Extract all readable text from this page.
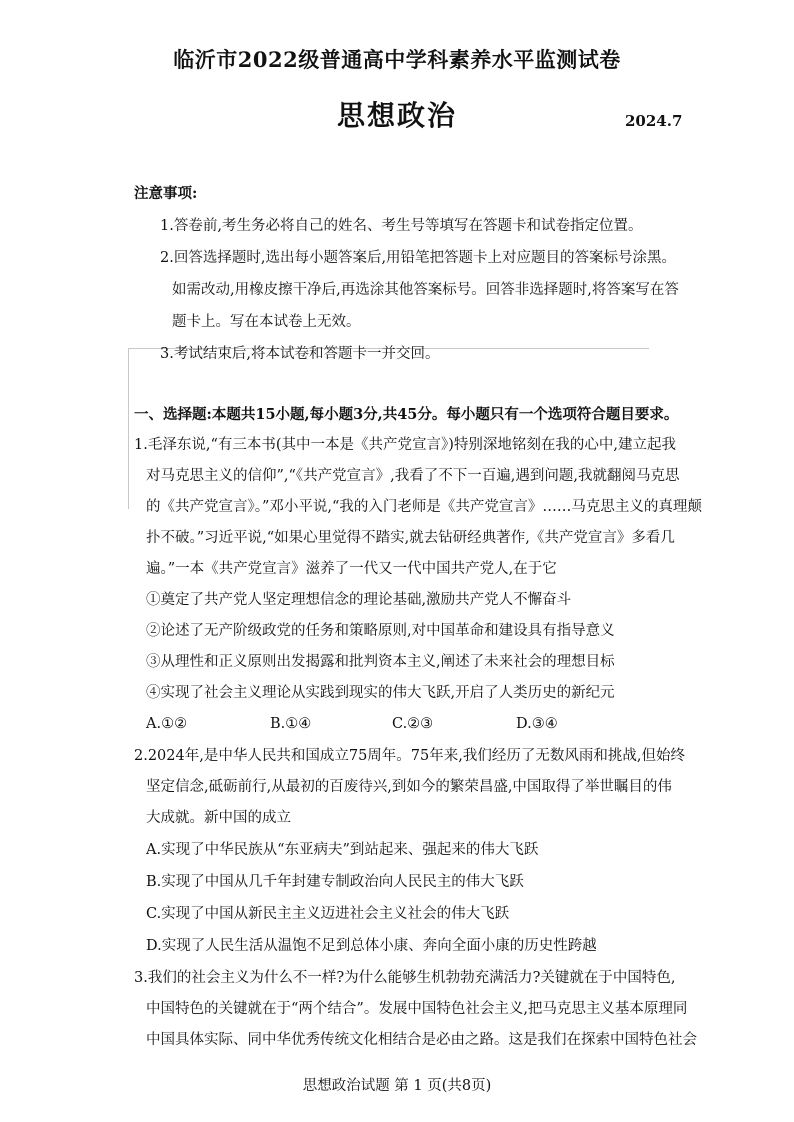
临沂市2022级普通高中学科素养水平监测试卷
思想政治	2024.7
注意事项:
1.答卷前,考生务必将自己的姓名、考生号等填写在答题卡和试卷指定位置。
2.回答选择题时,选出每小题答案后,用铅笔把答题卡上对应题目的答案标号涂黑。
如需改动,用橡皮擦干净后,再选涂其他答案标号。回答非选择题时,将答案写在答
题卡上。写在本试卷上无效。
3.考试结束后,将本试卷和答题卡一并交回。
一、选择题:本题共15小题,每小题3分,共45分。每小题只有一个选项符合题目要求。
1.毛泽东说,“有三本书(其中一本是《共产党宣言》)特别深地铭刻在我的心中,建立起我
对马克思主义的信仰”,“《共产党宣言》,我看了不下一百遍,遇到问题,我就翻阅马克思
的《共产党宣言》。”邓小平说,“我的入门老师是《共产党宣言》……马克思主义的真理颠
扑不破。”习近平说,“如果心里觉得不踏实,就去钻研经典著作,《共产党宣言》多看几
遍。”一本《共产党宣言》滋养了一代又一代中国共产党人,在于它
①奠定了共产党人坚定理想信念的理论基础,激励共产党人不懈奋斗
②论述了无产阶级政党的任务和策略原则,对中国革命和建设具有指导意义
③从理性和正义原则出发揭露和批判资本主义,阐述了未来社会的理想目标
④实现了社会主义理论从实践到现实的伟大飞跃,开启了人类历史的新纪元
A.①②	B.①④	C.②③	D.③④
2.2024年,是中华人民共和国成立75周年。75年来,我们经历了无数风雨和挑战,但始终
坚定信念,砥砺前行,从最初的百废待兴,到如今的繁荣昌盛,中国取得了举世瞩目的伟
大成就。新中国的成立
A.实现了中华民族从“东亚病夫”到站起来、强起来的伟大飞跃
B.实现了中国从几千年封建专制政治向人民民主的伟大飞跃
C.实现了中国从新民主主义迈进社会主义社会的伟大飞跃
D.实现了人民生活从温饱不足到总体小康、奔向全面小康的历史性跨越
3.我们的社会主义为什么不一样?为什么能够生机勃勃充满活力?关键就在于中国特色,
中国特色的关键就在于“两个结合”。发展中国特色社会主义,把马克思主义基本原理同
中国具体实际、同中华优秀传统文化相结合是必由之路。这是我们在探索中国特色社会
思想政治试题 第 1 页(共8页)
